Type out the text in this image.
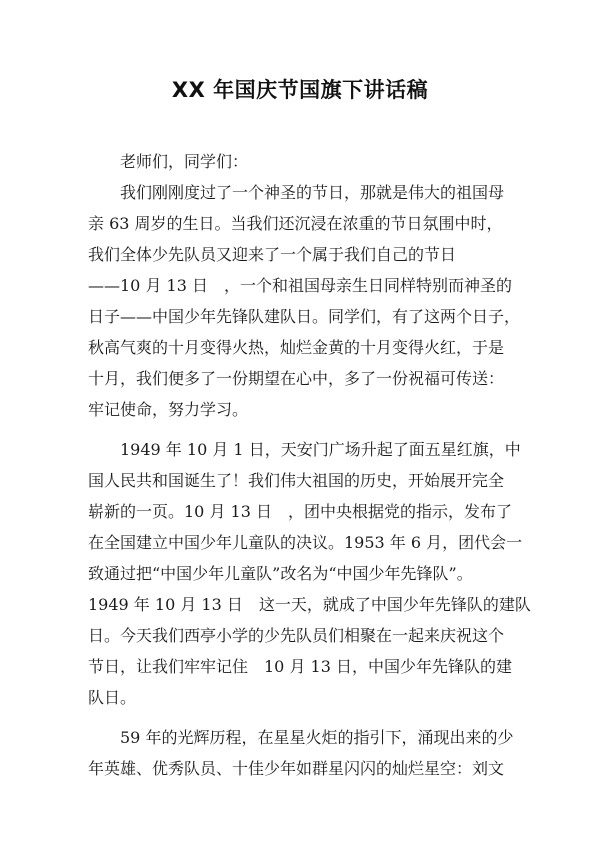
XX 年国庆节国旗下讲话稿
老师们，同学们：
我们刚刚度过了一个神圣的节日，那就是伟大的祖国母
亲 63 周岁的生日。当我们还沉浸在浓重的节日氛围中时，
我们全体少先队员又迎来了一个属于我们自己的节日
——10 月 13 日　，一个和祖国母亲生日同样特别而神圣的
日子——中国少年先锋队建队日。同学们，有了这两个日子，
秋高气爽的十月变得火热，灿烂金黄的十月变得火红，于是
十月，我们便多了一份期望在心中，多了一份祝福可传送：
牢记使命，努力学习。
1949 年 10 月 1 日，天安门广场升起了面五星红旗，中
国人民共和国诞生了！我们伟大祖国的历史，开始展开完全
崭新的一页。10 月 13 日　，团中央根据党的指示，发布了
在全国建立中国少年儿童队的决议。1953 年 6 月，团代会一
致通过把“中国少年儿童队”改名为“中国少年先锋队”。
1949 年 10 月 13 日　这一天，就成了中国少年先锋队的建队
日。今天我们西亭小学的少先队员们相聚在一起来庆祝这个
节日，让我们牢牢记住　10 月 13 日，中国少年先锋队的建
队日。
59 年的光辉历程，在星星火炬的指引下，涌现出来的少
年英雄、优秀队员、十佳少年如群星闪闪的灿烂星空：刘文
